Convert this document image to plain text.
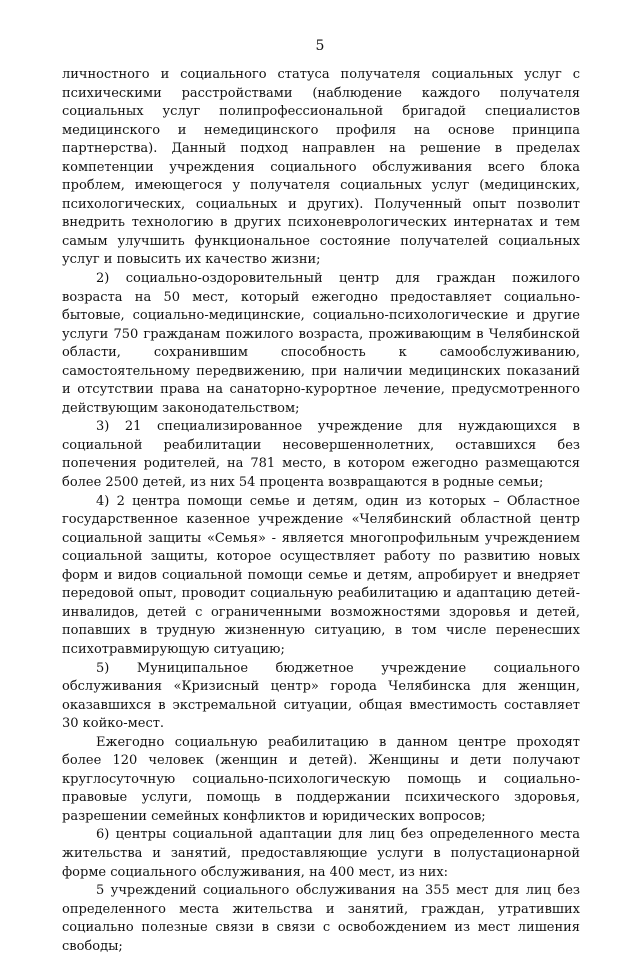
5

личностного и социального статуса получателя социальных услуг с психическими расстройствами (наблюдение каждого получателя социальных услуг полипрофессиональной бригадой специалистов медицинского и немедицинского профиля на основе принципа партнерства). Данный подход направлен на решение в пределах компетенции учреждения социального обслуживания всего блока проблем, имеющегося у получателя социальных услуг (медицинских, психологических, социальных и других). Полученный опыт позволит внедрить технологию в других психоневрологических интернатах и тем самым улучшить функциональное состояние получателей социальных услуг и повысить их качество жизни;

2) социально-оздоровительный центр для граждан пожилого возраста на 50 мест, который ежегодно предоставляет социально-бытовые, социально-медицинские, социально-психологические и другие услуги 750 гражданам пожилого возраста, проживающим в Челябинской области, сохранившим способность к самообслуживанию, самостоятельному передвижению, при наличии медицинских показаний и отсутствии права на санаторно-курортное лечение, предусмотренного действующим законодательством;

3) 21 специализированное учреждение для нуждающихся в социальной реабилитации несовершеннолетних, оставшихся без попечения родителей, на 781 место, в котором ежегодно размещаются более 2500 детей, из них 54 процента возвращаются в родные семьи;

4) 2 центра помощи семье и детям, один из которых – Областное государственное казенное учреждение «Челябинский областной центр социальной защиты «Семья» - является многопрофильным учреждением социальной защиты, которое осуществляет работу по развитию новых форм и видов социальной помощи семье и детям, апробирует и внедряет передовой опыт, проводит социальную реабилитацию и адаптацию детей-инвалидов, детей с ограниченными возможностями здоровья и детей, попавших в трудную жизненную ситуацию, в том числе перенесших психотравмирующую ситуацию;

5) Муниципальное бюджетное учреждение социального обслуживания «Кризисный центр» города Челябинска для женщин, оказавшихся в экстремальной ситуации, общая вместимость составляет 30 койко-мест.

Ежегодно социальную реабилитацию в данном центре проходят более 120 человек (женщин и детей). Женщины и дети получают круглосуточную социально-психологическую помощь и социально-правовые услуги, помощь в поддержании психического здоровья, разрешении семейных конфликтов и юридических вопросов;

6) центры социальной адаптации для лиц без определенного места жительства и занятий, предоставляющие услуги в полустационарной форме социального обслуживания, на 400 мест, из них:

5 учреждений социального обслуживания на 355 мест для лиц без определенного места жительства и занятий, граждан, утративших социально полезные связи в связи с освобождением из мест лишения свободы;
